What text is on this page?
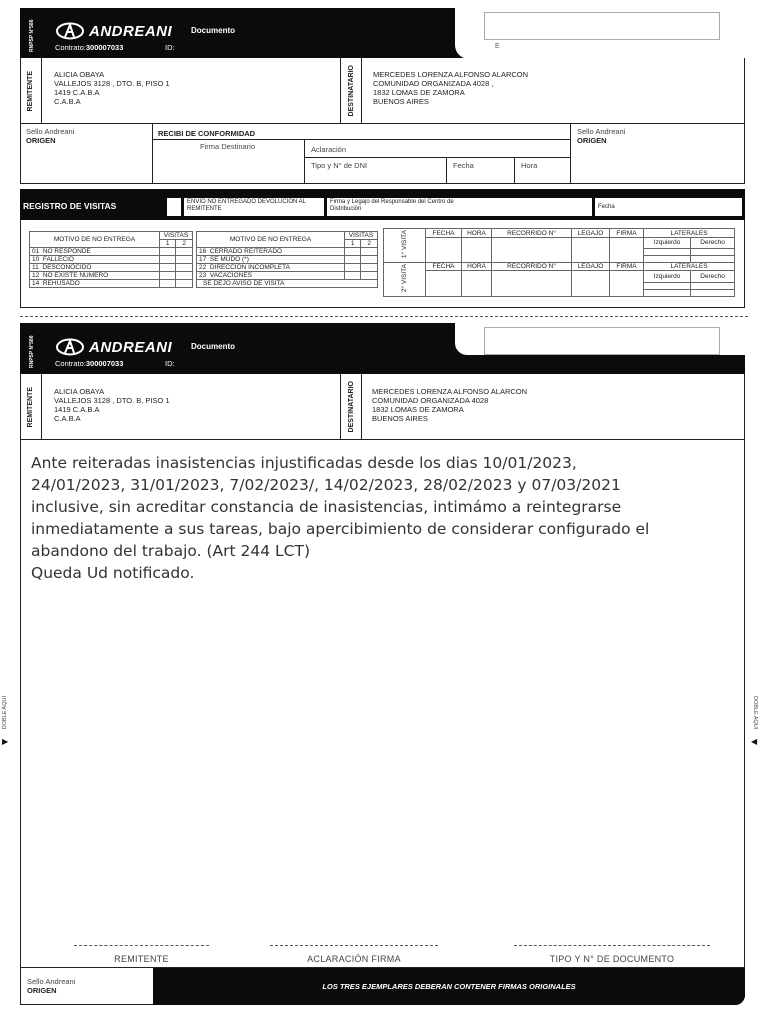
E
RNPSP N°586	ANDREANI Documento
Contrato:300007033	ID:
REMITENTE	ALICIA OBAYA
VALLEJOS 3128 , DTO. B, PISO 1
1419 C.A.B.A
C.A.B.A	DESTINATARIO MERCEDES LORENZA ALFONSO ALARCON
COMUNIDAD ORGANIZADA 4028 ,
1832 LOMAS DE ZAMORA
BUENOS AIRES
Sello Andreani
ORIGEN
RECIBI DE CONFORMIDAD
Firma Destinario	Aclaración
Tipo y N° de DNI	Fecha	Hora
Sello Andreani
ORIGEN
REGISTRO DE VISITAS	ENVIO NO ENTREGADO DEVOLUCION AL REMITENTE
Firma y Legajo del Responsable del Centro de Distribución	Fecha
MOTIVO DE NO ENTREGA	VISITAS	
	1	2
01 NO RESPONDE		
10 FALLECIO		
11 DESCONOCIDO		
12 NO EXISTE NUMERO		
14 REHUSADO		
MOTIVO DE NO ENTREGA	VISITAS	
	1	2
16 CERRADO REITERADO		
17 SE MUDO (*)		
22 DIRECCION INCOMPLETA		
23 VACACIONES		
SE DEJO AVISO DE VISITA		
1° VISITA	FECHA	HORA	RECORRIDO N°	LEGAJO	FIRMA	LATERALES	
						Izquierdo	Derecho

2° VISITA	FECHA	HORA	RECORRIDO N°	LEGAJO	FIRMA	LATERALES	
						Izquierdo	Derecho

RNPSP N°586	ANDREANI Documento
Contrato:300007033	ID:
REMITENTE	ALICIA OBAYA
VALLEJOS 3128 , DTO. B, PISO 1
1419 C.A.B.A
C.A.B.A	DESTINATARIO MERCEDES LORENZA ALFONSO ALARCON
COMUNIDAD ORGANIZADA 4028
1832 LOMAS DE ZAMORA
BUENOS AIRES
Ante reiteradas inasistencias injustificadas desde los dias 10/01/2023,
24/01/2023, 31/01/2023, 7/02/2023/, 14/02/2023, 28/02/2023 y 07/03/2021
inclusive, sin acreditar constancia de inasistencias, intimámo a reintegrarse
inmediatamente a sus tareas, bajo apercibimiento de considerar configurado el
abandono del trabajo. (Art 244 LCT)
Queda Ud notificado.
REMITENTE	ACLARACIÓN FIRMA	TIPO Y N° DE DOCUMENTO
Sello Andreani
ORIGEN	LOS TRES EJEMPLARES DEBERAN CONTENER FIRMAS ORIGINALES
DOBLE AQUI
▶
DOBLE AQUI
◀
